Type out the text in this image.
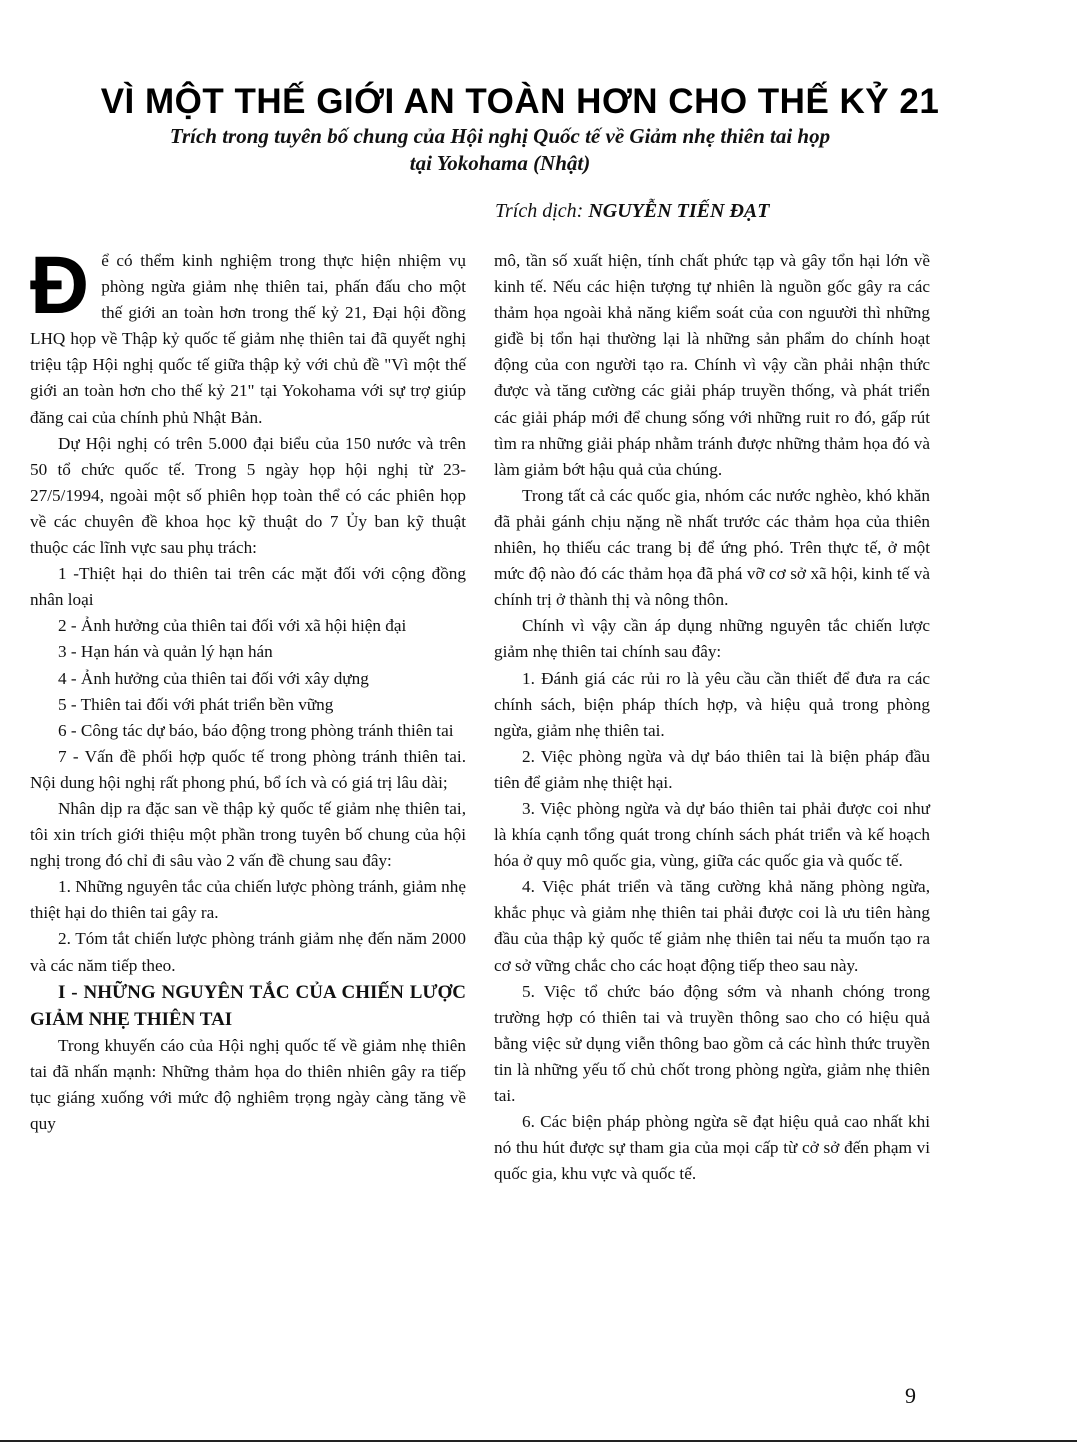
VÌ MỘT THẾ GIỚI AN TOÀN HƠN CHO THẾ KỶ 21
Trích trong tuyên bố chung của Hội nghị Quốc tế về Giảm nhẹ thiên tai họp
tại Yokohama (Nhật)
Trích dịch: NGUYỄN TIẾN ĐẠT

Để có thểm kinh nghiệm trong thực hiện nhiệm vụ phòng ngừa giảm nhẹ thiên tai, phấn đấu cho một thế giới an toàn hơn trong thế kỷ 21, Đại hội đồng LHQ họp về Thập kỷ quốc tế giảm nhẹ thiên tai đã quyết nghị triệu tập Hội nghị quốc tế giữa thập kỷ với chủ đề "Vì một thế giới an toàn hơn cho thế kỷ 21" tại Yokohama với sự trợ giúp đăng cai của chính phủ Nhật Bản.

Dự Hội nghị có trên 5.000 đại biểu của 150 nước và trên 50 tổ chức quốc tế. Trong 5 ngày họp hội nghị từ 23-27/5/1994, ngoài một số phiên họp toàn thể có các phiên họp về các chuyên đề khoa học kỹ thuật do 7 Ủy ban kỹ thuật thuộc các lĩnh vực sau phụ trách:

1 -Thiệt hại do thiên tai trên các mặt đối với cộng đồng nhân loại

2 - Ảnh hưởng của thiên tai đối với xã hội hiện đại

3 - Hạn hán và quản lý hạn hán

4 - Ảnh hưởng của thiên tai đối với xây dựng

5 - Thiên tai đối với phát triển bền vững

6 - Công tác dự báo, báo động trong phòng tránh thiên tai

7 - Vấn đề phối hợp quốc tế trong phòng tránh thiên tai. Nội dung hội nghị rất phong phú, bổ ích và có giá trị lâu dài;

Nhân dịp ra đặc san về thập kỷ quốc tế giảm nhẹ thiên tai, tôi xin trích giới thiệu một phần trong tuyên bố chung của hội nghị trong đó chỉ đi sâu vào 2 vấn đề chung sau đây:

1. Những nguyên tắc của chiến lược phòng tránh, giảm nhẹ thiệt hại do thiên tai gây ra.

2. Tóm tắt chiến lược phòng tránh giảm nhẹ đến năm 2000 và các năm tiếp theo.

I - NHỮNG NGUYÊN TẮC CỦA CHIẾN LƯỢC GIẢM NHẸ THIÊN TAI

Trong khuyến cáo của Hội nghị quốc tế về giảm nhẹ thiên tai đã nhấn mạnh: Những thảm họa do thiên nhiên gây ra tiếp tục giáng xuống với mức độ nghiêm trọng ngày càng tăng về quy

mô, tần số xuất hiện, tính chất phức tạp và gây tổn hại lớn về kinh tế. Nếu các hiện tượng tự nhiên là nguồn gốc gây ra các thảm họa ngoài khả năng kiểm soát của con nguười thì những giđề bị tổn hại thường lại là những sản phẩm do chính hoạt động của con người tạo ra. Chính vì vậy cần phải nhận thức được và tăng cường các giải pháp truyền thống, và phát triển các giải pháp mới để chung sống với những ruit ro đó, gấp rút tìm ra những giải pháp nhằm tránh được những thảm họa đó và làm giảm bớt hậu quả của chúng.

Trong tất cả các quốc gia, nhóm các nước nghèo, khó khăn đã phải gánh chịu nặng nề nhất trước các thảm họa của thiên nhiên, họ thiếu các trang bị để ứng phó. Trên thực tế, ở một mức độ nào đó các thảm họa đã phá vỡ cơ sở xã hội, kinh tế và chính trị ở thành thị và nông thôn.

Chính vì vậy cần áp dụng những nguyên tắc chiến lược giảm nhẹ thiên tai chính sau đây:

1. Đánh giá các rủi ro là yêu cầu cần thiết để đưa ra các chính sách, biện pháp thích hợp, và hiệu quả trong phòng ngừa, giảm nhẹ thiên tai.

2. Việc phòng ngừa và dự báo thiên tai là biện pháp đầu tiên để giảm nhẹ thiệt hại.

3. Việc phòng ngừa và dự báo thiên tai phải được coi như là khía cạnh tổng quát trong chính sách phát triển và kế hoạch hóa ở quy mô quốc gia, vùng, giữa các quốc gia và quốc tế.

4. Việc phát triển và tăng cường khả năng phòng ngừa, khắc phục và giảm nhẹ thiên tai phải được coi là ưu tiên hàng đầu của thập kỷ quốc tế giảm nhẹ thiên tai nếu ta muốn tạo ra cơ sở vững chắc cho các hoạt động tiếp theo sau này.

5. Việc tổ chức báo động sớm và nhanh chóng trong trường hợp có thiên tai và truyền thông sao cho có hiệu quả bằng việc sử dụng viễn thông bao gồm cả các hình thức truyền tin là những yếu tố chủ chốt trong phòng ngừa, giảm nhẹ thiên tai.

6. Các biện pháp phòng ngừa sẽ đạt hiệu quả cao nhất khi nó thu hút được sự tham gia của mọi cấp từ cở sở đến phạm vi quốc gia, khu vực và quốc tế.

9
